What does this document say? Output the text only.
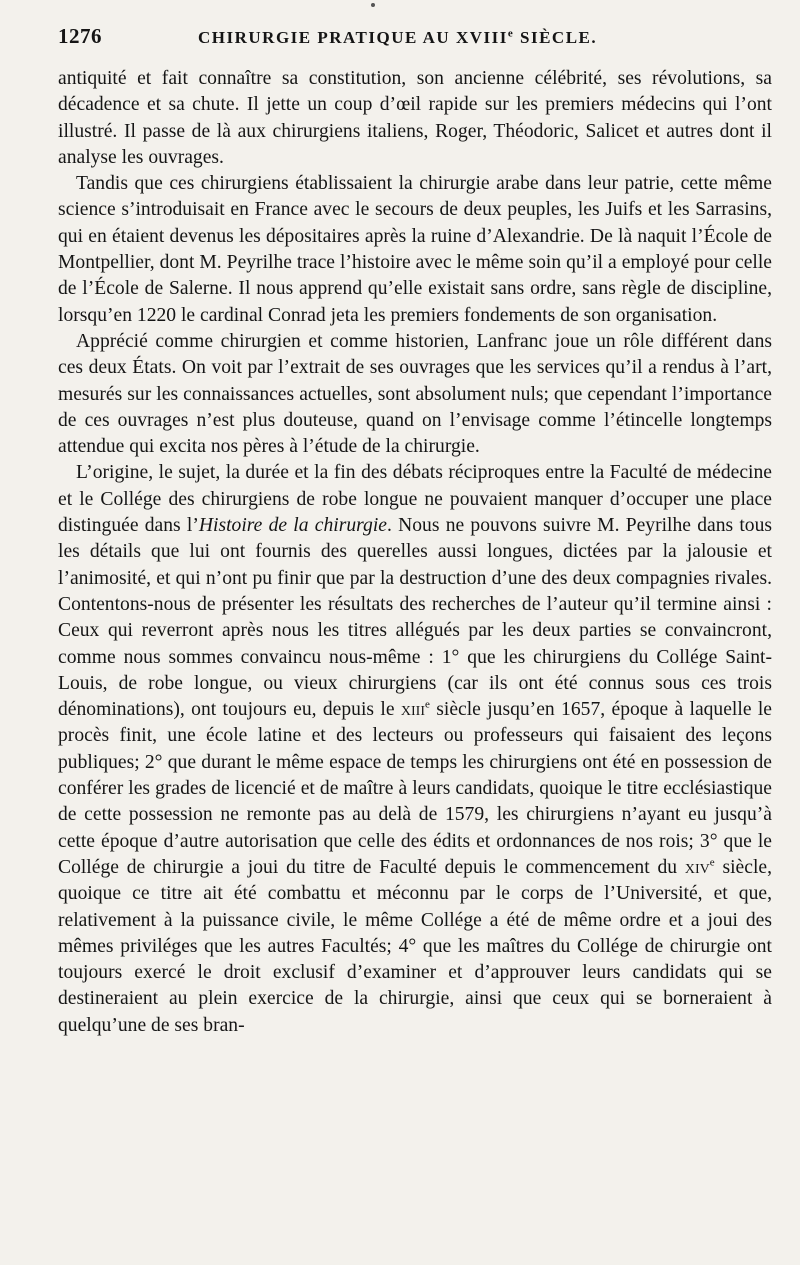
1276	CHIRURGIE PRATIQUE AU XVIIIe SIÈCLE.

antiquité et fait connaître sa constitution, son ancienne célébrité, ses révolutions, sa décadence et sa chute. Il jette un coup d’œil rapide sur les premiers médecins qui l’ont illustré. Il passe de là aux chirurgiens italiens, Roger, Théodoric, Salicet et autres dont il analyse les ouvrages.

Tandis que ces chirurgiens établissaient la chirurgie arabe dans leur patrie, cette même science s’introduisait en France avec le secours de deux peuples, les Juifs et les Sarrasins, qui en étaient devenus les dépositaires après la ruine d’Alexandrie. De là naquit l’École de Montpellier, dont M. Peyrilhe trace l’histoire avec le même soin qu’il a employé pour celle de l’École de Salerne. Il nous apprend qu’elle existait sans ordre, sans règle de discipline, lorsqu’en 1220 le cardinal Conrad jeta les premiers fondements de son organisation.

Apprécié comme chirurgien et comme historien, Lanfranc joue un rôle différent dans ces deux États. On voit par l’extrait de ses ouvrages que les services qu’il a rendus à l’art, mesurés sur les connaissances actuelles, sont absolument nuls; que cependant l’importance de ces ouvrages n’est plus douteuse, quand on l’envisage comme l’étincelle longtemps attendue qui excita nos pères à l’étude de la chirurgie.

L’origine, le sujet, la durée et la fin des débats réciproques entre la Faculté de médecine et le Collége des chirurgiens de robe longue ne pouvaient manquer d’occuper une place distinguée dans l’Histoire de la chirurgie. Nous ne pouvons suivre M. Peyrilhe dans tous les détails que lui ont fournis des querelles aussi longues, dictées par la jalousie et l’animosité, et qui n’ont pu finir que par la destruction d’une des deux compagnies rivales. Contentons-nous de présenter les résultats des recherches de l’auteur qu’il termine ainsi : Ceux qui reverront après nous les titres allégués par les deux parties se convaincront, comme nous sommes convaincu nous-même : 1° que les chirurgiens du Collége Saint-Louis, de robe longue, ou vieux chirurgiens (car ils ont été connus sous ces trois dénominations), ont toujours eu, depuis le xiii$^e$ siècle jusqu’en 1657, époque à laquelle le procès finit, une école latine et des lecteurs ou professeurs qui faisaient des leçons publiques; 2° que durant le même espace de temps les chirurgiens ont été en possession de conférer les grades de licencié et de maître à leurs candidats, quoique le titre ecclésiastique de cette possession ne remonte pas au delà de 1579, les chirurgiens n’ayant eu jusqu’à cette époque d’autre autorisation que celle des édits et ordonnances de nos rois; 3° que le Collége de chirurgie a joui du titre de Faculté depuis le commencement du xiv$^e$ siècle, quoique ce titre ait été combattu et méconnu par le corps de l’Université, et que, relativement à la puissance civile, le même Collége a été de même ordre et a joui des mêmes priviléges que les autres Facultés; 4° que les maîtres du Collége de chirurgie ont toujours exercé le droit exclusif d’examiner et d’approuver leurs candidats qui se destineraient au plein exercice de la chirurgie, ainsi que ceux qui se borneraient à quelqu’une de ses bran-
